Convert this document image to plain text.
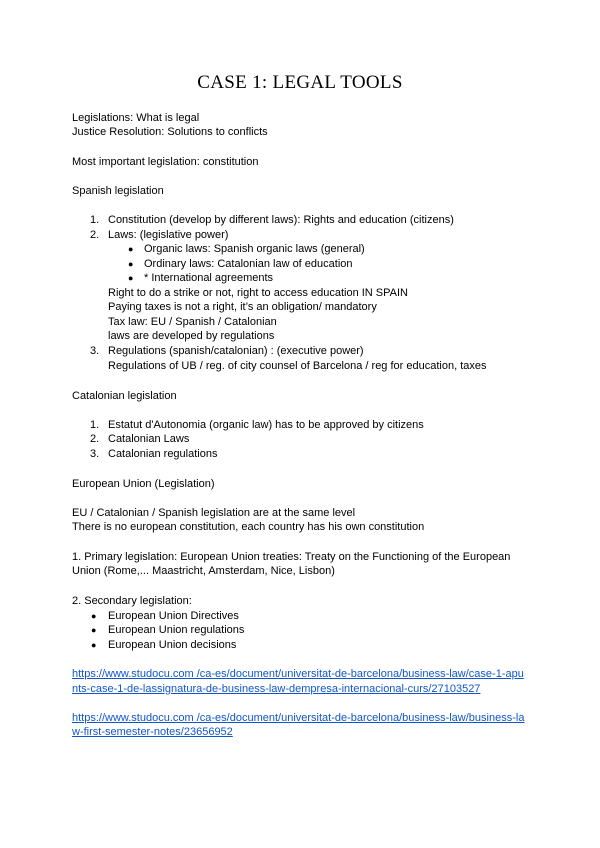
CASE 1: LEGAL TOOLS
Legislations: What is legal
Justice Resolution: Solutions to conflicts
Most important legislation: constitution
Spanish legislation
1. Constitution (develop by different laws): Rights and education (citizens)
2. Laws: (legislative power)
● Organic laws: Spanish organic laws (general)
● Ordinary laws: Catalonian law of education
● * International agreements
Right to do a strike or not, right to access education IN SPAIN
Paying taxes is not a right, it’s an obligation/ mandatory
Tax law: EU / Spanish / Catalonian
laws are developed by regulations
3. Regulations (spanish/catalonian) : (executive power)
Regulations of UB / reg. of city counsel of Barcelona / reg for education, taxes
Catalonian legislation
1. Estatut d'Autonomia (organic law) has to be approved by citizens
2. Catalonian Laws
3. Catalonian regulations
European Union (Legislation)
EU / Catalonian / Spanish legislation are at the same level
There is no european constitution, each country has his own constitution
1. Primary legislation: European Union treaties: Treaty on the Functioning of the European
Union (Rome,... Maastricht, Amsterdam, Nice, Lisbon)
2. Secondary legislation:
● European Union Directives
● European Union regulations
● European Union decisions
https://www.studocu.com /ca-es/document/universitat-de-barcelona/business-law/case-1-apu
nts-case-1-de-lassignatura-de-business-law-dempresa-internacional-curs/27103527
https://www.studocu.com /ca-es/document/universitat-de-barcelona/business-law/business-la
w-first-semester-notes/23656952
